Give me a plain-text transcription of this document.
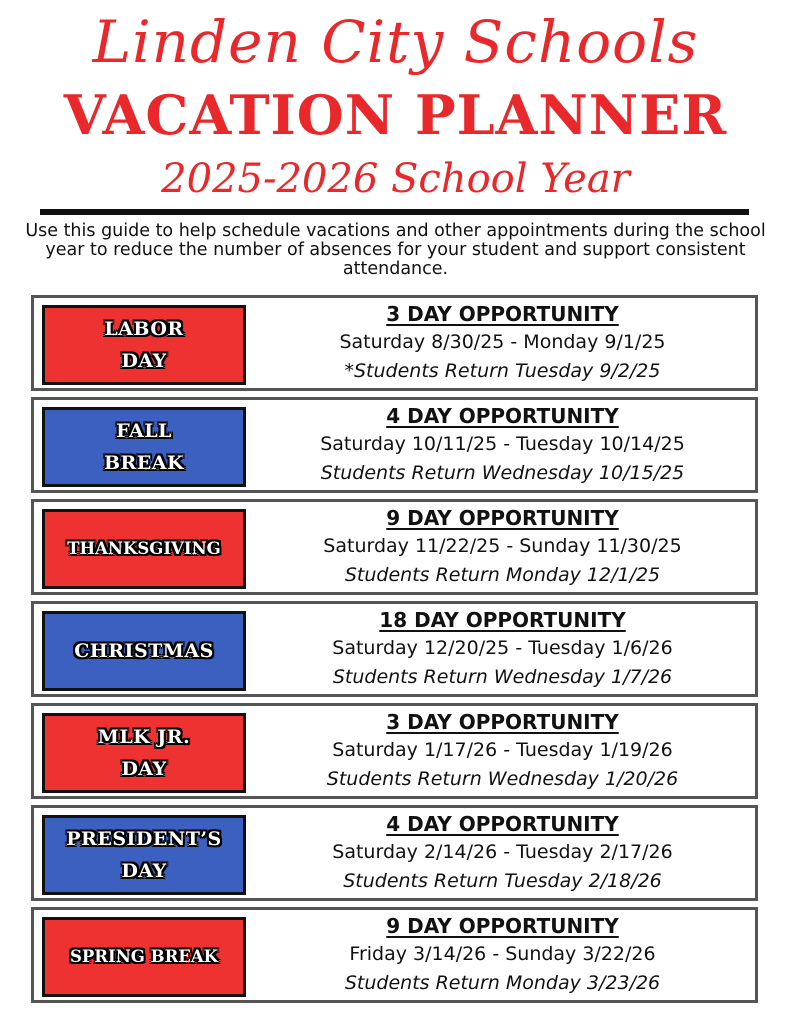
Linden City Schools
VACATION PLANNER
2025-2026 School Year
Use this guide to help schedule vacations and other appointments during the school year to reduce the number of absences for your student and support consistent attendance.
LABOR
DAY
3 DAY OPPORTUNITY
Saturday 8/30/25 - Monday 9/1/25
*Students Return Tuesday 9/2/25
FALL
BREAK
4 DAY OPPORTUNITY
Saturday 10/11/25 - Tuesday 10/14/25
Students Return Wednesday 10/15/25
THANKSGIVING
9 DAY OPPORTUNITY
Saturday 11/22/25 - Sunday 11/30/25
Students Return Monday 12/1/25
CHRISTMAS
18 DAY OPPORTUNITY
Saturday 12/20/25 - Tuesday 1/6/26
Students Return Wednesday 1/7/26
MLK JR.
DAY
3 DAY OPPORTUNITY
Saturday 1/17/26 - Tuesday 1/19/26
Students Return Wednesday 1/20/26
PRESIDENT’S
DAY
4 DAY OPPORTUNITY
Saturday 2/14/26 - Tuesday 2/17/26
Students Return Tuesday 2/18/26
SPRING BREAK
9 DAY OPPORTUNITY
Friday 3/14/26 - Sunday 3/22/26
Students Return Monday 3/23/26
